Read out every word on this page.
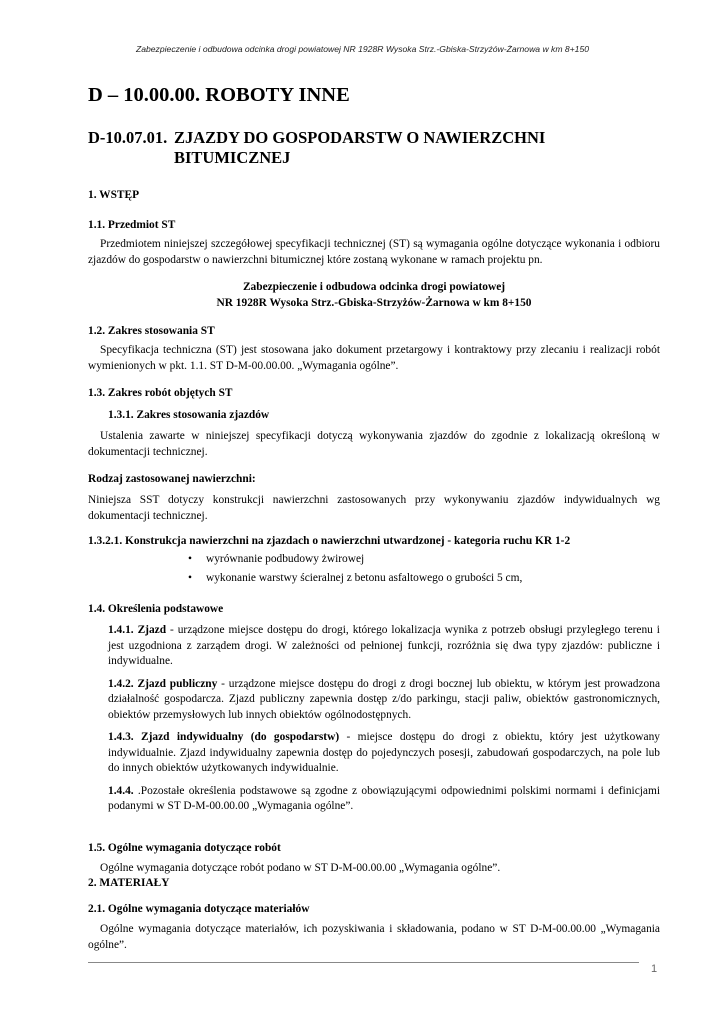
Zabezpieczenie i odbudowa odcinka drogi powiatowej NR 1928R Wysoka Strz.-Gbiska-Strzyżów-Żarnowa w km 8+150
D – 10.00.00. ROBOTY INNE
D-10.07.01. ZJAZDY DO GOSPODARSTW O NAWIERZCHNI
BITUMICZNEJ
1. WSTĘP
1.1. Przedmiot ST

Przedmiotem niniejszej szczegółowej specyfikacji technicznej (ST) są wymagania ogólne dotyczące wykonania i odbioru zjazdów do gospodarstw o nawierzchni bitumicznej które zostaną wykonane w ramach projektu pn.

Zabezpieczenie i odbudowa odcinka drogi powiatowej
NR 1928R Wysoka Strz.-Gbiska-Strzyżów-Żarnowa w km 8+150
1.2. Zakres stosowania ST

Specyfikacja techniczna (ST) jest stosowana jako dokument przetargowy i kontraktowy przy zlecaniu i realizacji robót wymienionych w pkt. 1.1. ST D-M-00.00.00. „Wymagania ogólne”.

1.3. Zakres robót objętych ST
1.3.1. Zakres stosowania zjazdów

Ustalenia zawarte w niniejszej specyfikacji dotyczą wykonywania zjazdów do zgodnie z lokalizacją określoną w dokumentacji technicznej.

Rodzaj zastosowanej nawierzchni:

Niniejsza SST dotyczy konstrukcji nawierzchni zastosowanych przy wykonywaniu zjazdów indywidualnych wg dokumentacji technicznej.

1.3.2.1. Konstrukcja nawierzchni na zjazdach o nawierzchni utwardzonej - kategoria ruchu KR 1-2
• wyrównanie podbudowy żwirowej
• wykonanie warstwy ścieralnej z betonu asfaltowego o grubości 5 cm,
1.4. Określenia podstawowe

1.4.1. Zjazd - urządzone miejsce dostępu do drogi, którego lokalizacja wynika z potrzeb obsługi przyległego terenu i jest uzgodniona z zarządem drogi. W zależności od pełnionej funkcji, rozróżnia się dwa typy zjazdów: publiczne i indywidualne.

1.4.2. Zjazd publiczny - urządzone miejsce dostępu do drogi z drogi bocznej lub obiektu, w którym jest prowadzona działalność gospodarcza. Zjazd publiczny zapewnia dostęp z/do parkingu, stacji paliw, obiektów gastronomicznych, obiektów przemysłowych lub innych obiektów ogólnodostępnych.

1.4.3. Zjazd indywidualny (do gospodarstw) - miejsce dostępu do drogi z obiektu, który jest użytkowany indywidualnie. Zjazd indywidualny zapewnia dostęp do pojedynczych posesji, zabudowań gospodarczych, na pole lub do innych obiektów użytkowanych indywidualnie.

1.4.4. .Pozostałe określenia podstawowe są zgodne z obowiązującymi odpowiednimi polskimi normami i definicjami podanymi w ST D-M-00.00.00 „Wymagania ogólne”.

1.5. Ogólne wymagania dotyczące robót

Ogólne wymagania dotyczące robót podano w ST D-M-00.00.00 „Wymagania ogólne”.

2. MATERIAŁY
2.1. Ogólne wymagania dotyczące materiałów

Ogólne wymagania dotyczące materiałów, ich pozyskiwania i składowania, podano w ST D-M-00.00.00 „Wymagania ogólne”.

1
